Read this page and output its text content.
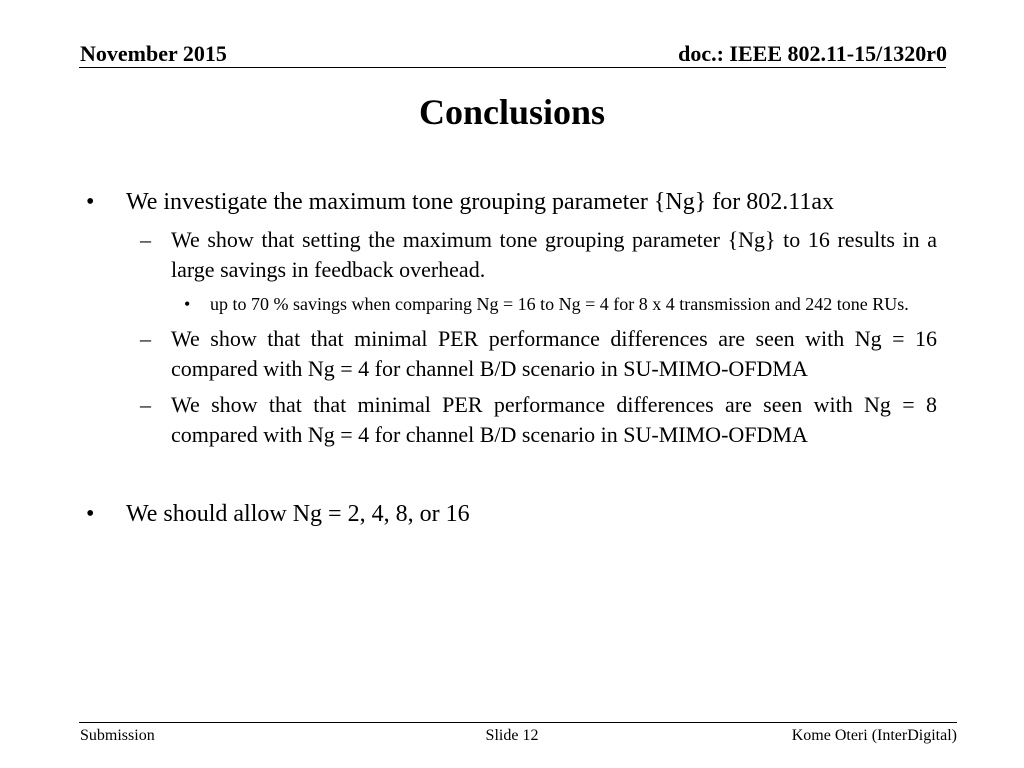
November 2015	doc.: IEEE 802.11-15/1320r0
Conclusions
• We investigate the maximum tone grouping parameter {Ng} for 802.11ax
– We show that setting the maximum tone grouping parameter {Ng} to 16 results in a large savings in feedback overhead.
• up to 70 % savings when comparing Ng = 16 to Ng = 4 for 8 x 4 transmission and 242 tone RUs.
– We show that that minimal PER performance differences are seen with Ng = 16 compared with Ng = 4 for channel B/D scenario in SU-MIMO-OFDMA
– We show that that minimal PER performance differences are seen with Ng = 8 compared with Ng = 4 for channel B/D scenario in SU-MIMO-OFDMA
• We should allow Ng = 2, 4, 8, or 16
Submission	Slide 12	Kome Oteri (InterDigital)
